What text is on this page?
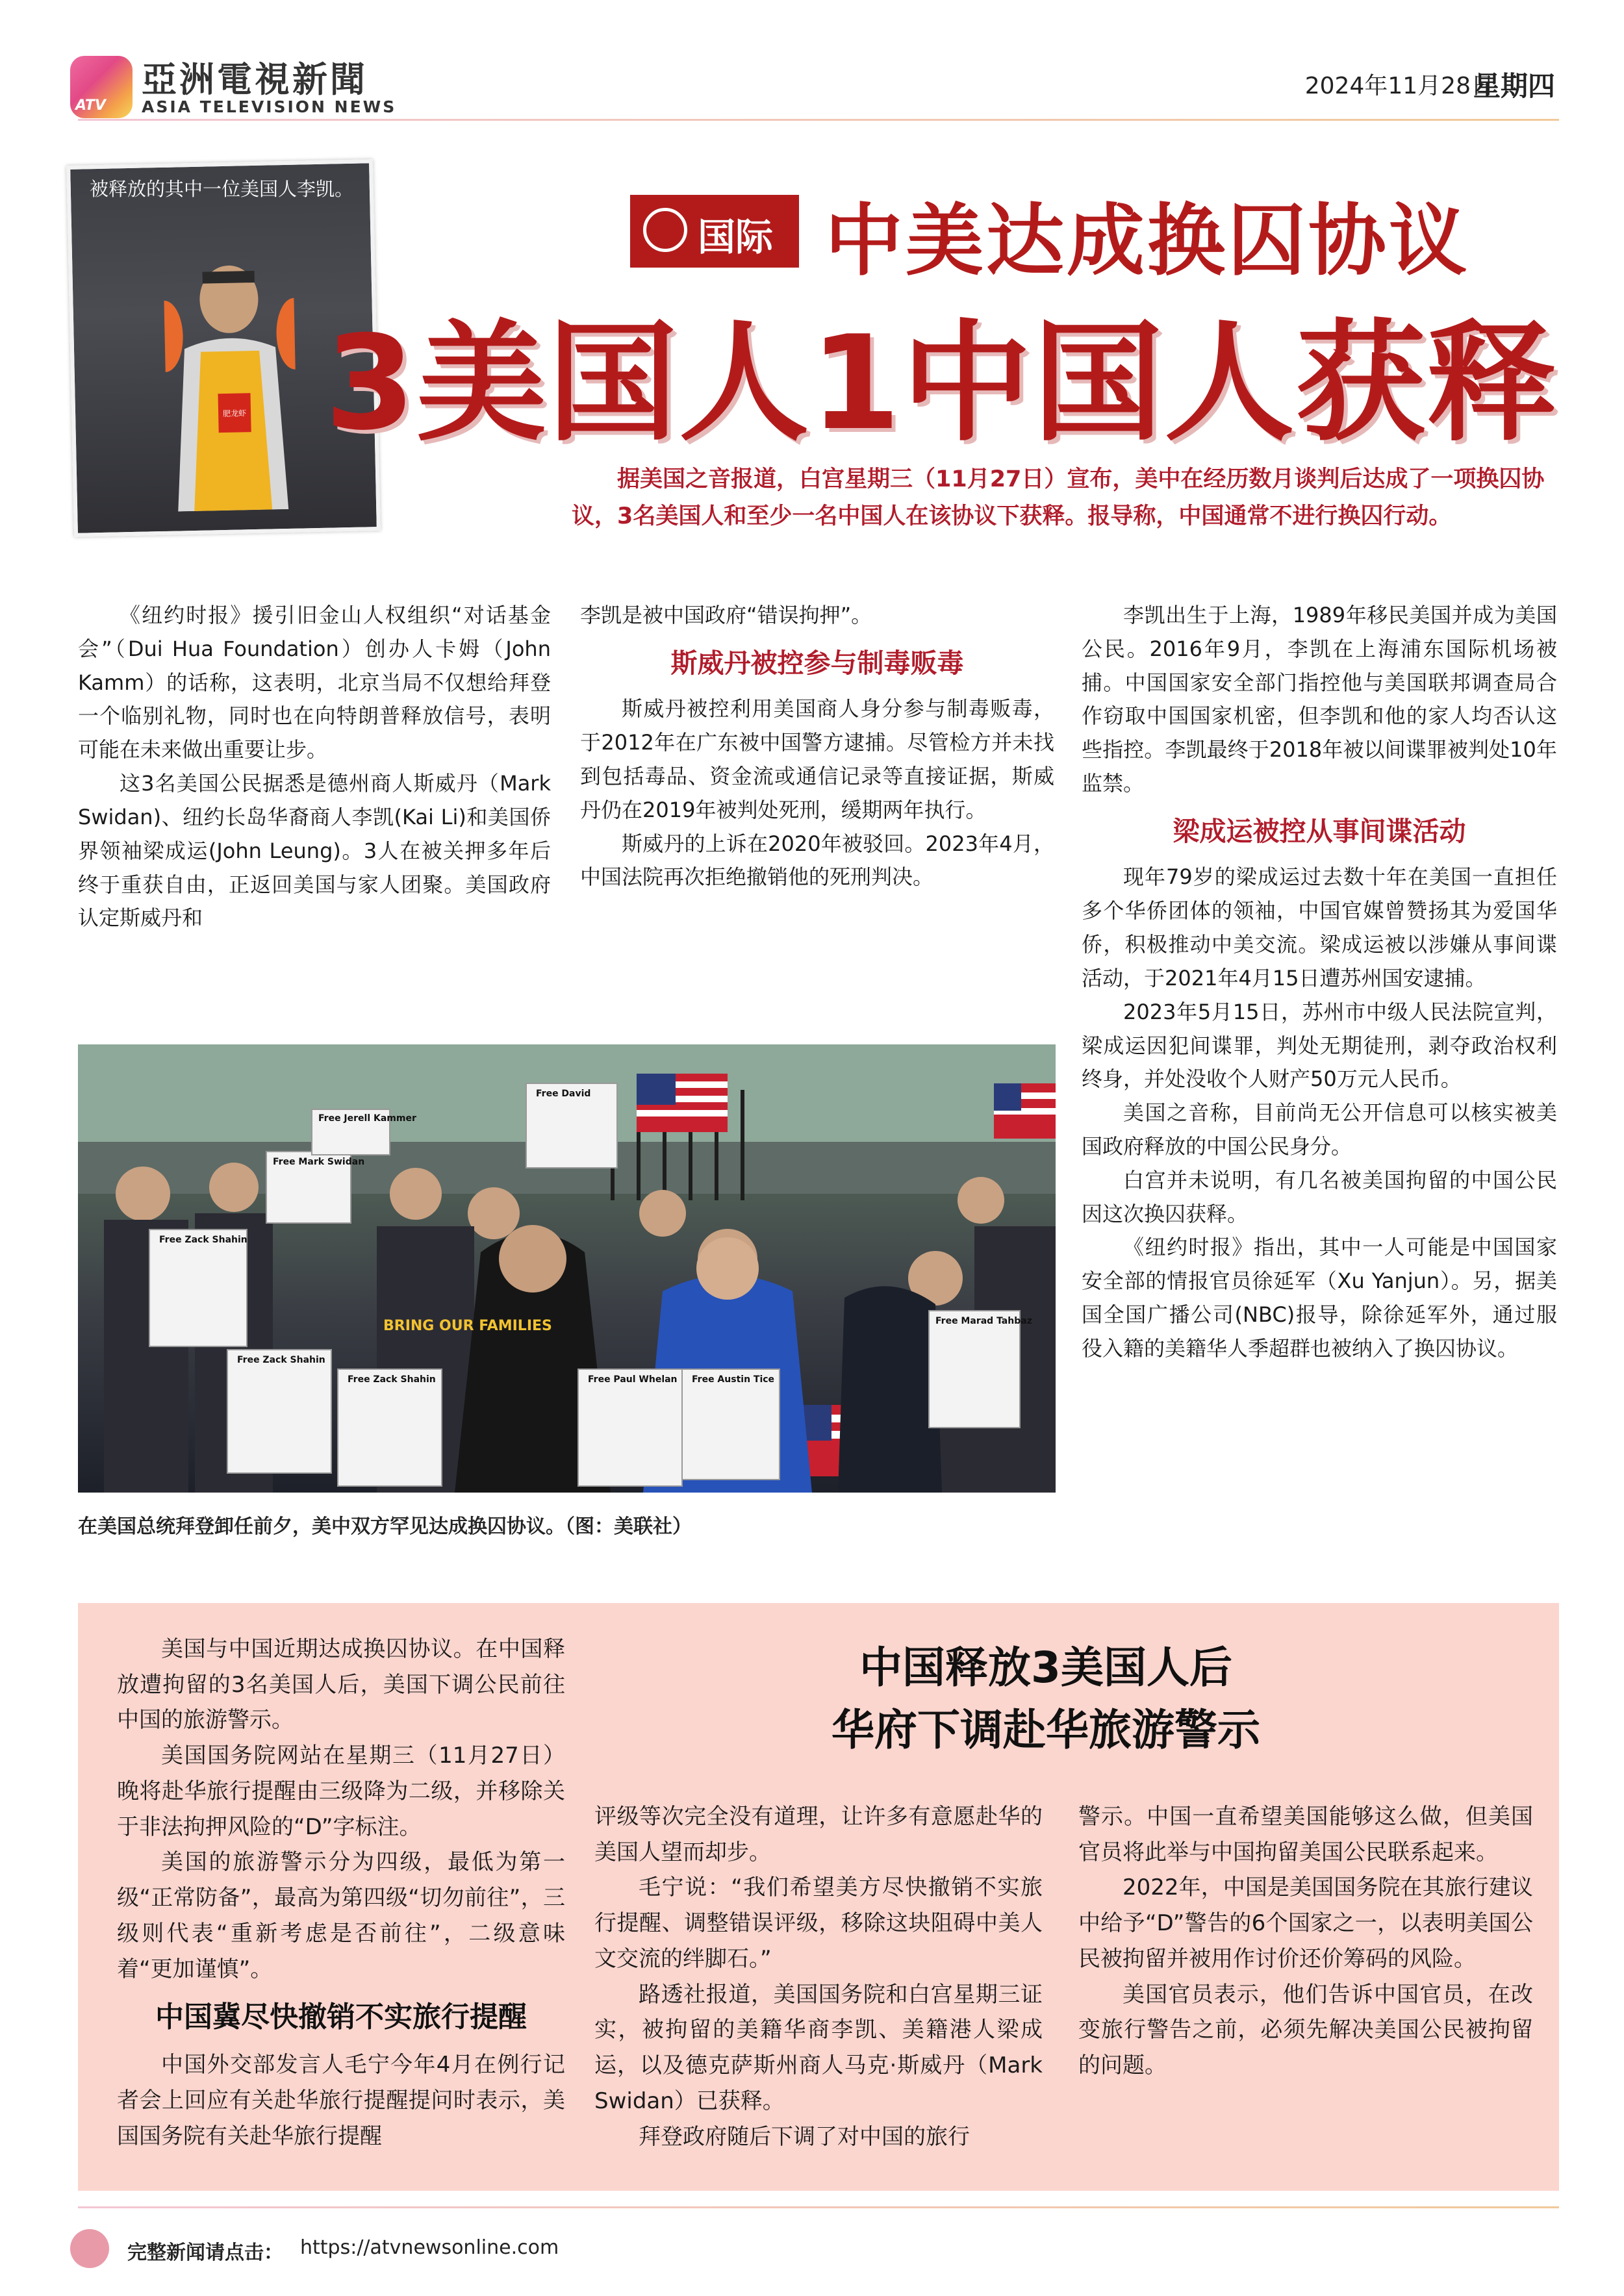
ATV
亞洲電視新聞
ASIA TELEVISION NEWS
2024年11月28日
星期四
肥龙虾
被释放的其中一位美国人李凯。
国际 中美达成换囚协议
3美国人1中国人获释

据美国之音报道，白宫星期三（11月27日）宣布，美中在经历数月谈判后达成了一项换囚协议，3名美国人和至少一名中国人在该协议下获释。报导称，中国通常不进行换囚行动。

《纽约时报》援引旧金山人权组织“对话基金会”（Dui Hua Foundation）创办人卡姆（John Kamm）的话称，这表明，北京当局不仅想给拜登一个临别礼物，同时也在向特朗普释放信号，表明可能在未来做出重要让步。

这3名美国公民据悉是德州商人斯威丹（Mark Swidan)、纽约长岛华裔商人李凯(Kai Li)和美国侨界领袖梁成运(John Leung)。3人在被关押多年后终于重获自由，正返回美国与家人团聚。美国政府认定斯威丹和

李凯是被中国政府“错误拘押”。

斯威丹被控参与制毒贩毒

斯威丹被控利用美国商人身分参与制毒贩毒，于2012年在广东被中国警方逮捕。尽管检方并未找到包括毒品、资金流或通信记录等直接证据，斯威丹仍在2019年被判处死刑，缓期两年执行。

斯威丹的上诉在2020年被驳回。2023年4月，中国法院再次拒绝撤销他的死刑判决。

李凯出生于上海，1989年移民美国并成为美国公民。2016年9月，李凯在上海浦东国际机场被捕。中国国家安全部门指控他与美国联邦调查局合作窃取中国国家机密，但李凯和他的家人均否认这些指控。李凯最终于2018年被以间谍罪被判处10年监禁。

梁成运被控从事间谍活动

现年79岁的梁成运过去数十年在美国一直担任多个华侨团体的领袖，中国官媒曾赞扬其为爱国华侨，积极推动中美交流。梁成运被以涉嫌从事间谍活动，于2021年4月15日遭苏州国安逮捕。

2023年5月15日，苏州市中级人民法院宣判，梁成运因犯间谍罪，判处无期徒刑，剥夺政治权利终身，并处没收个人财产50万元人民币。

美国之音称，目前尚无公开信息可以核实被美国政府释放的中国公民身分。

白宫并未说明，有几名被美国拘留的中国公民因这次换囚获释。

《纽约时报》指出，其中一人可能是中国国家安全部的情报官员徐延军（Xu Yanjun）。另，据美国全国广播公司(NBC)报导，除徐延军外，通过服役入籍的美籍华人季超群也被纳入了换囚协议。

Free Zack Shahin
Free Zack Shahin
Free Zack Shahin	Free Paul Whelan Free Austin Tice
Free Mark Swidan
Free David
Free Jerell Kammer
Free Marad Tahbaz
BRING OUR FAMILIES
在美国总统拜登卸任前夕，美中双方罕见达成换囚协议。（图：美联社）
中国释放3美国人后
华府下调赴华旅游警示

美国与中国近期达成换囚协议。在中国释放遭拘留的3名美国人后，美国下调公民前往中国的旅游警示。

美国国务院网站在星期三（11月27日）晚将赴华旅行提醒由三级降为二级，并移除关于非法拘押风险的“D”字标注。

美国的旅游警示分为四级，最低为第一级“正常防备”，最高为第四级“切勿前往”，三级则代表“重新考虑是否前往”，二级意味着“更加谨慎”。

中国冀尽快撤销不实旅行提醒

中国外交部发言人毛宁今年4月在例行记者会上回应有关赴华旅行提醒提问时表示，美国国务院有关赴华旅行提醒

评级等次完全没有道理，让许多有意愿赴华的美国人望而却步。

毛宁说：“我们希望美方尽快撤销不实旅行提醒、调整错误评级，移除这块阻碍中美人文交流的绊脚石。”

路透社报道，美国国务院和白宫星期三证实，被拘留的美籍华商李凯、美籍港人梁成运，以及德克萨斯州商人马克·斯威丹（Mark Swidan）已获释。

拜登政府随后下调了对中国的旅行

警示。中国一直希望美国能够这么做，但美国官员将此举与中国拘留美国公民联系起来。

2022年，中国是美国国务院在其旅行建议中给予“D”警告的6个国家之一，以表明美国公民被拘留并被用作讨价还价筹码的风险。

美国官员表示，他们告诉中国官员，在改变旅行警告之前，必须先解决美国公民被拘留的问题。

完整新闻请点击： https://atvnewsonline.com
